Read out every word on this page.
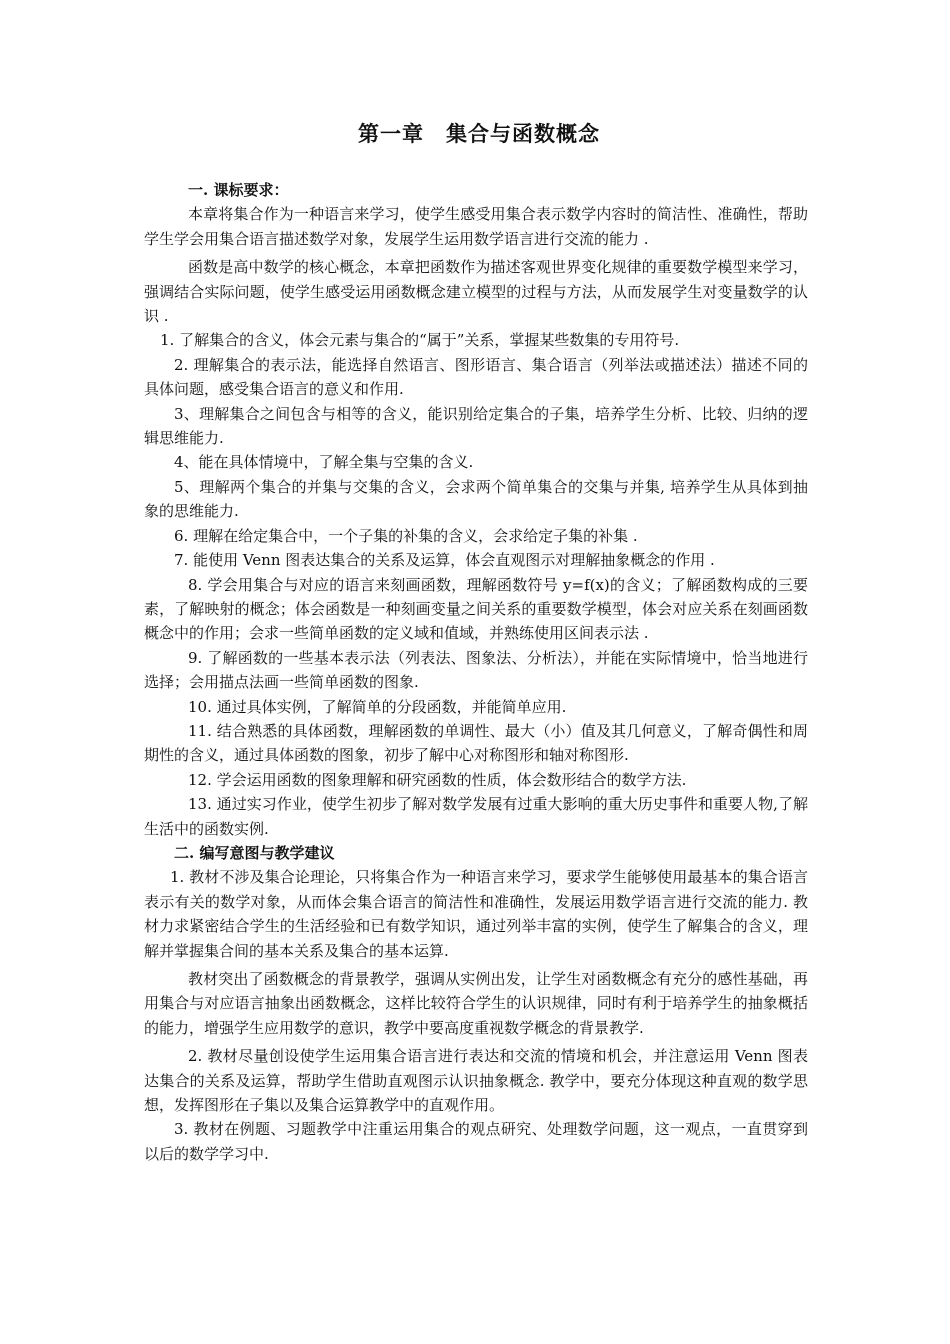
第一章　集合与函数概念
一. 课标要求：

本章将集合作为一种语言来学习，使学生感受用集合表示数学内容时的简洁性、准确性，帮助学生学会用集合语言描述数学对象，发展学生运用数学语言进行交流的能力 .

函数是高中数学的核心概念，本章把函数作为描述客观世界变化规律的重要数学模型来学习，强调结合实际问题，使学生感受运用函数概念建立模型的过程与方法，从而发展学生对变量数学的认识 .

1. 了解集合的含义，体会元素与集合的“属于”关系，掌握某些数集的专用符号.

2. 理解集合的表示法，能选择自然语言、图形语言、集合语言（列举法或描述法）描述不同的具体问题，感受集合语言的意义和作用.

3、理解集合之间包含与相等的含义，能识别给定集合的子集，培养学生分析、比较、归纳的逻辑思维能力.

4、能在具体情境中，了解全集与空集的含义.

5、理解两个集合的并集与交集的含义，会求两个简单集合的交集与并集, 培养学生从具体到抽象的思维能力.

6. 理解在给定集合中，一个子集的补集的含义，会求给定子集的补集 .

7. 能使用 Venn 图表达集合的关系及运算，体会直观图示对理解抽象概念的作用 .

8. 学会用集合与对应的语言来刻画函数，理解函数符号 y=f(x)的含义；了解函数构成的三要素，了解映射的概念；体会函数是一种刻画变量之间关系的重要数学模型，体会对应关系在刻画函数概念中的作用；会求一些简单函数的定义域和值域，并熟练使用区间表示法 .

9. 了解函数的一些基本表示法（列表法、图象法、分析法），并能在实际情境中，恰当地进行选择；会用描点法画一些简单函数的图象.

10. 通过具体实例，了解简单的分段函数，并能简单应用.

11. 结合熟悉的具体函数，理解函数的单调性、最大（小）值及其几何意义，了解奇偶性和周期性的含义，通过具体函数的图象，初步了解中心对称图形和轴对称图形.

12. 学会运用函数的图象理解和研究函数的性质，体会数形结合的数学方法.

13. 通过实习作业，使学生初步了解对数学发展有过重大影响的重大历史事件和重要人物,了解生活中的函数实例.

二. 编写意图与教学建议

1. 教材不涉及集合论理论，只将集合作为一种语言来学习，要求学生能够使用最基本的集合语言表示有关的数学对象，从而体会集合语言的简洁性和准确性，发展运用数学语言进行交流的能力. 教材力求紧密结合学生的生活经验和已有数学知识，通过列举丰富的实例，使学生了解集合的含义，理解并掌握集合间的基本关系及集合的基本运算.

教材突出了函数概念的背景教学，强调从实例出发，让学生对函数概念有充分的感性基础，再用集合与对应语言抽象出函数概念，这样比较符合学生的认识规律，同时有利于培养学生的抽象概括的能力，增强学生应用数学的意识，教学中要高度重视数学概念的背景教学.

2. 教材尽量创设使学生运用集合语言进行表达和交流的情境和机会，并注意运用 Venn 图表达集合的关系及运算，帮助学生借助直观图示认识抽象概念. 教学中，要充分体现这种直观的数学思想，发挥图形在子集以及集合运算教学中的直观作用。

3. 教材在例题、习题教学中注重运用集合的观点研究、处理数学问题，这一观点，一直贯穿到以后的数学学习中.
